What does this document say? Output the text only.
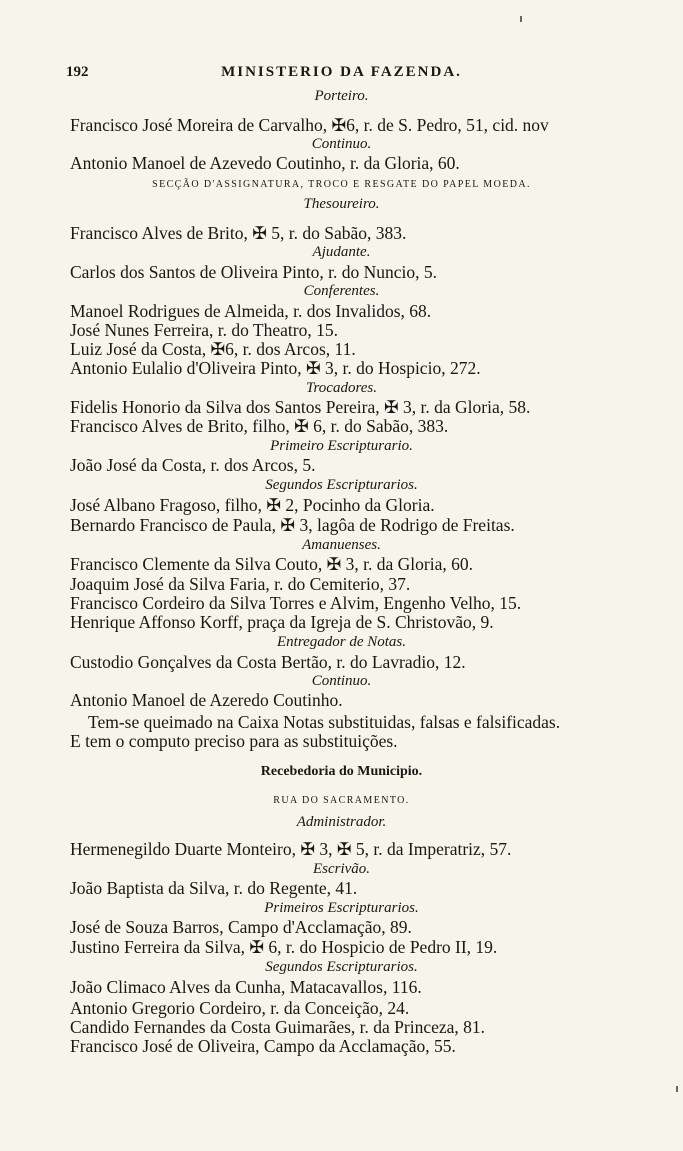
192	MINISTERIO DA FAZENDA.
Porteiro.
Francisco José Moreira de Carvalho, ✠6, r. de S. Pedro, 51, cid. nov
Continuo.
Antonio Manoel de Azevedo Coutinho, r. da Gloria, 60.
SECÇÃO D'ASSIGNATURA, TROCO E RESGATE DO PAPEL MOEDA.
Thesoureiro.
Francisco Alves de Brito, ✠ 5, r. do Sabão, 383.
Ajudante.
Carlos dos Santos de Oliveira Pinto, r. do Nuncio, 5.
Conferentes.
Manoel Rodrigues de Almeida, r. dos Invalidos, 68.
José Nunes Ferreira, r. do Theatro, 15.
Luiz José da Costa, ✠6, r. dos Arcos, 11.
Antonio Eulalio d'Oliveira Pinto, ✠ 3, r. do Hospicio, 272.
Trocadores.
Fidelis Honorio da Silva dos Santos Pereira, ✠ 3, r. da Gloria, 58.
Francisco Alves de Brito, filho, ✠ 6, r. do Sabão, 383.
Primeiro Escripturario.
João José da Costa, r. dos Arcos, 5.
Segundos Escripturarios.
José Albano Fragoso, filho, ✠ 2, Pocinho da Gloria.
Bernardo Francisco de Paula, ✠ 3, lagôa de Rodrigo de Freitas.
Amanuenses.
Francisco Clemente da Silva Couto, ✠ 3, r. da Gloria, 60.
Joaquim José da Silva Faria, r. do Cemiterio, 37.
Francisco Cordeiro da Silva Torres e Alvim, Engenho Velho, 15.
Henrique Affonso Korff, praça da Igreja de S. Christovão, 9.
Entregador de Notas.
Custodio Gonçalves da Costa Bertão, r. do Lavradio, 12.
Continuo.
Antonio Manoel de Azeredo Coutinho.
Tem-se queimado na Caixa Notas substituidas, falsas e falsificadas.
E tem o computo preciso para as substituições.
Recebedoria do Municipio.
RUA DO SACRAMENTO.
Administrador.
Hermenegildo Duarte Monteiro, ✠ 3, ✠ 5, r. da Imperatriz, 57.
Escrivão.
João Baptista da Silva, r. do Regente, 41.
Primeiros Escripturarios.
José de Souza Barros, Campo d'Acclamação, 89.
Justino Ferreira da Silva, ✠ 6, r. do Hospicio de Pedro II, 19.
Segundos Escripturarios.
João Climaco Alves da Cunha, Matacavallos, 116.
Antonio Gregorio Cordeiro, r. da Conceição, 24.
Candido Fernandes da Costa Guimarães, r. da Princeza, 81.
Francisco José de Oliveira, Campo da Acclamação, 55.
